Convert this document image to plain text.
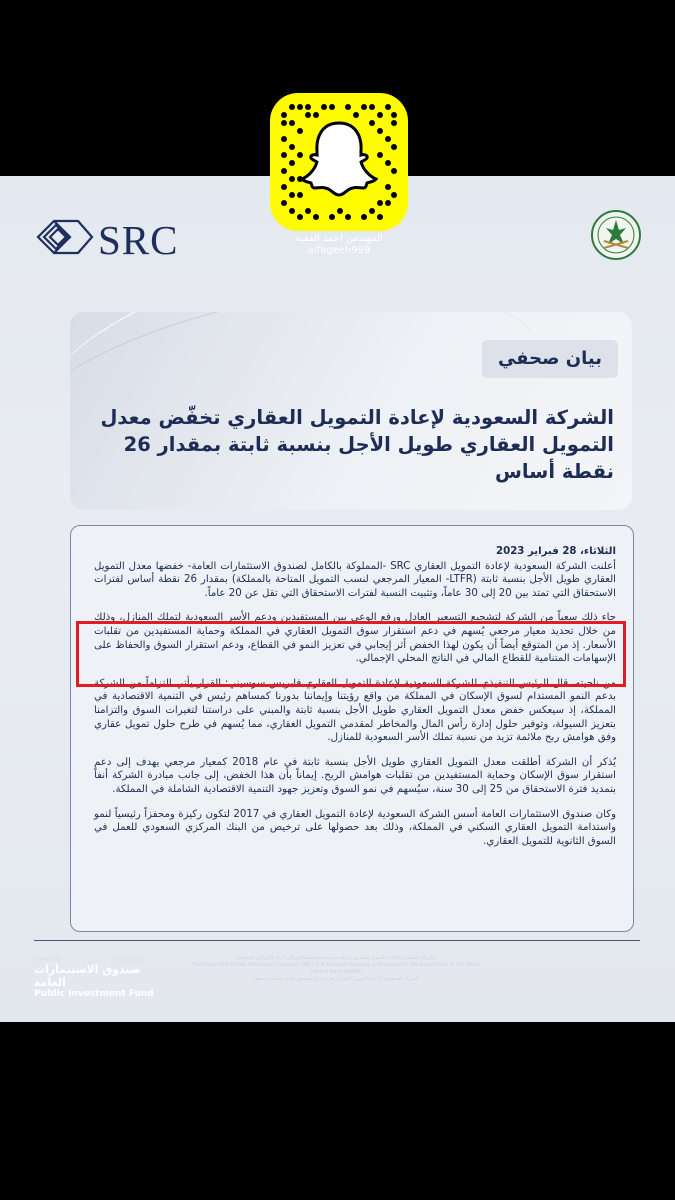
المهندس احمد الفقيه
alfageeh999
SRC
بيان صحفي
الشركة السعودية لإعادة التمويل العقاري تخفّض معدل التمويل العقاري طويل الأجل بنسبة ثابتة بمقدار 26 نقطة أساس
الثلاثاء، 28 فبراير 2023

أعلنت الشركة السعودية لإعادة التمويل العقاري SRC -المملوكة بالكامل لصندوق الاستثمارات العامة- خفضها معدل التمويل العقاري طويل الأجل بنسبة ثابتة (LTFR- المعيار المرجعي لنسب التمويل المتاحة بالمملكة) بمقدار 26 نقطة أساس لفترات الاستحقاق التي تمتد بين 20 إلى 30 عاماً، وتثبيت النسبة لفترات الاستحقاق التي تقل عن 20 عاماً.

جاء ذلك سعياً من الشركة لتشجيع التسعير العادل ورفع الوعي بين المستفيدين ودعم الأسر السعودية لتملك المنازل، وذلك من خلال تحديد معيار مرجعي يُسهم في دعم استقرار سوق التمويل العقاري في المملكة وحماية المستفيدين من تقلبات الأسعار. إذ من المتوقع أيضاً أن يكون لهذا الخفض أثر إيجابي في تعزيز النمو في القطاع، ودعم استقرار السوق والحفاظ على الإسهامات المتنامية للقطاع المالي في الناتج المحلي الإجمالي.

من ناحيته، قال الرئيس التنفيذي للشركة السعودية لإعادة التمويل العقاري فابريس سوسيني: القرار يأتي التزاماً من الشركة بدعم النمو المستدام لسوق الإسكان في المملكة من واقع رؤيتنا وإيماننا بدورنا كمساهم رئيس في التنمية الاقتصادية في المملكة، إذ سيعكس خفض معدل التمويل العقاري طويل الأجل بنسبة ثابتة والمبني على دراستنا لتغيرات السوق والتزامنا بتعزيز السيولة، وتوفير حلول إدارة رأس المال والمخاطر لمقدمي التمويل العقاري، مما يُسهم في طرح حلول تمويل عقاري وفق هوامش ربح ملائمة تزيد من نسبة تملك الأسر السعودية للمنازل.

يُذكر أن الشركة أطلقت معدل التمويل العقاري طويل الأجل بنسبة ثابتة في عام 2018 كمعيار مرجعي يهدف إلى دعم استقرار سوق الإسكان وحماية المستفيدين من تقلبات هوامش الربح. إيماناً بأن هذا الخفض، إلى جانب مبادرة الشركة أنفاً بتمديد فترة الاستحقاق من 25 إلى 30 سنة، سيُسهم في نمو السوق وتعزيز جهود التنمية الاقتصادية الشاملة في المملكة.

وكان صندوق الاستثمارات العامة أسس الشركة السعودية لإعادة التمويل العقاري في 2017 لتكون ركيزة ومحفزاً رئيسياً لنمو واستدامة التمويل العقاري السكني في المملكة، وذلك بعد حصولها على ترخيص من البنك المركزي السعودي للعمل في السوق الثانوية للتمويل العقاري.

Owned by	إحدى شركات
صندوق الاستثمارات العامة
Public Investment Fund
الشركة السعودية لإعادة التمويل العقاري شركة مرخصة وخاضعة لإشراف البنك المركزي السعودي
The Saudi Real Estate Refinance Company (SRC) is a licensed company and subject to the supervision of the Saudi Central Bank (SAMA)
الشركة السعودية لإعادة التمويل العقاري هي شركة بشخص واحد مساهمة مقفلة
